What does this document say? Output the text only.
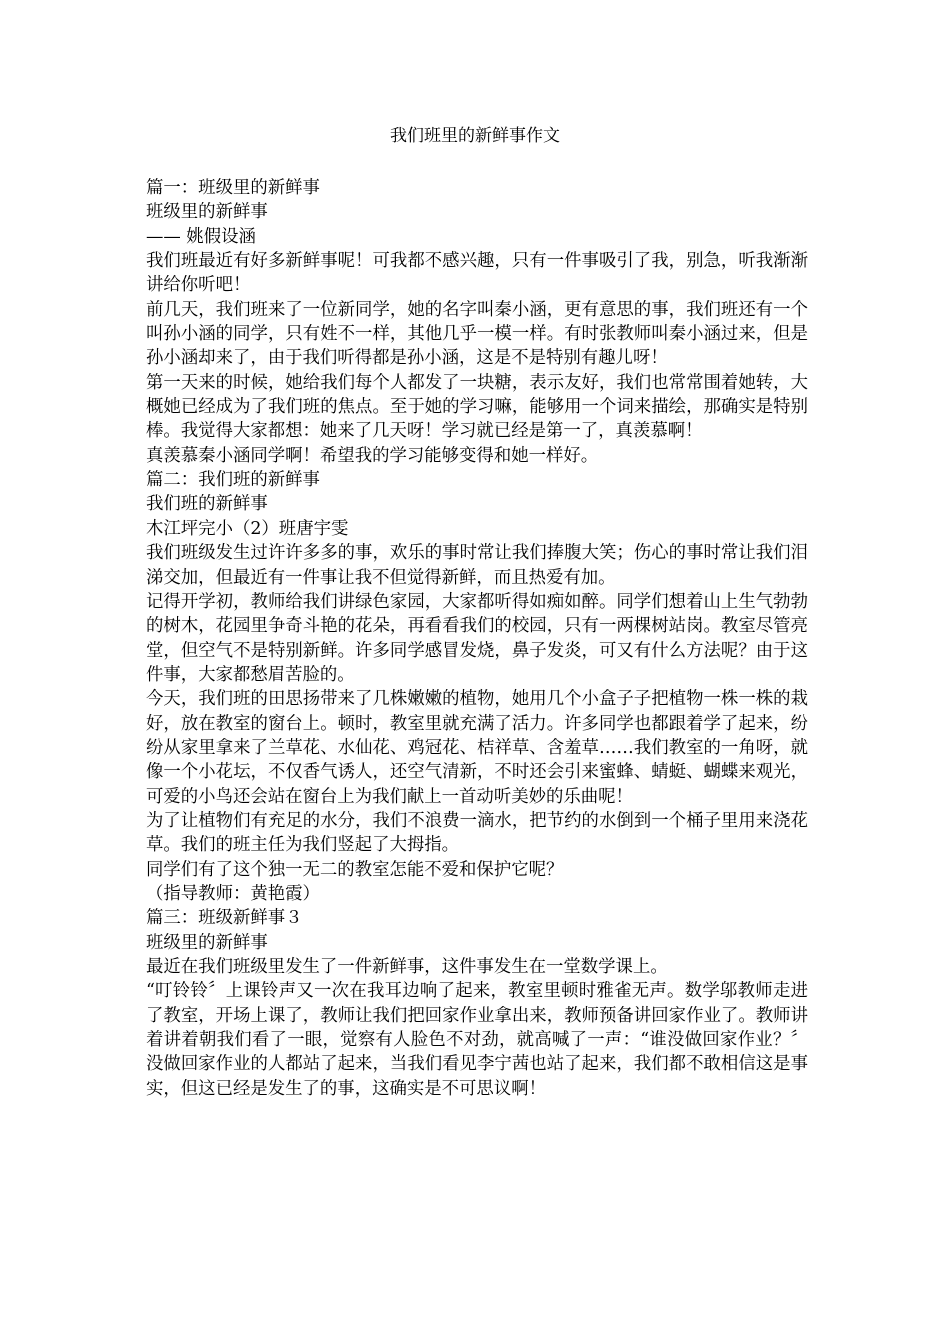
我们班里的新鲜事作文

篇一：班级里的新鲜事

班级里的新鲜事

—— 姚假设涵

我们班最近有好多新鲜事呢！可我都不感兴趣，只有一件事吸引了我，别急，听我渐渐讲给你听吧！

前几天，我们班来了一位新同学，她的名字叫秦小涵，更有意思的事，我们班还有一个叫孙小涵的同学，只有姓不一样，其他几乎一模一样。有时张教师叫秦小涵过来，但是孙小涵却来了，由于我们听得都是孙小涵，这是不是特别有趣儿呀！

第一天来的时候，她给我们每个人都发了一块糖，表示友好，我们也常常围着她转，大概她已经成为了我们班的焦点。至于她的学习嘛，能够用一个词来描绘，那确实是特别棒。我觉得大家都想：她来了几天呀！学习就已经是第一了，真羡慕啊！

真羡慕秦小涵同学啊！希望我的学习能够变得和她一样好。

篇二：我们班的新鲜事

我们班的新鲜事

木江坪完小（2）班唐宇雯

我们班级发生过许许多多的事，欢乐的事时常让我们捧腹大笑；伤心的事时常让我们泪涕交加，但最近有一件事让我不但觉得新鲜，而且热爱有加。

记得开学初，教师给我们讲绿色家园，大家都听得如痴如醉。同学们想着山上生气勃勃的树木，花园里争奇斗艳的花朵，再看看我们的校园，只有一两棵树站岗。教室尽管亮堂，但空气不是特别新鲜。许多同学感冒发烧，鼻子发炎，可又有什么方法呢？由于这件事，大家都愁眉苦脸的。

今天，我们班的田思扬带来了几株嫩嫩的植物，她用几个小盒子子把植物一株一株的栽好，放在教室的窗台上。顿时，教室里就充满了活力。许多同学也都跟着学了起来，纷纷从家里拿来了兰草花、水仙花、鸡冠花、桔祥草、含羞草……我们教室的一角呀，就像一个小花坛，不仅香气诱人，还空气清新，不时还会引来蜜蜂、蜻蜓、蝴蝶来观光，可爱的小鸟还会站在窗台上为我们献上一首动听美妙的乐曲呢！

为了让植物们有充足的水分，我们不浪费一滴水，把节约的水倒到一个桶子里用来浇花草。我们的班主任为我们竖起了大拇指。

同学们有了这个独一无二的教室怎能不爱和保护它呢？

（指导教师：黄艳霞）

篇三：班级新鲜事３

班级里的新鲜事

最近在我们班级里发生了一件新鲜事，这件事发生在一堂数学课上。

“叮铃铃〞上课铃声又一次在我耳边响了起来，教室里顿时雅雀无声。数学邬教师走进了教室，开场上课了，教师让我们把回家作业拿出来，教师预备讲回家作业了。教师讲着讲着朝我们看了一眼，觉察有人脸色不对劲，就高喊了一声：“谁没做回家作业？〞没做回家作业的人都站了起来，当我们看见李宁茜也站了起来，我们都不敢相信这是事实，但这已经是发生了的事，这确实是不可思议啊！
